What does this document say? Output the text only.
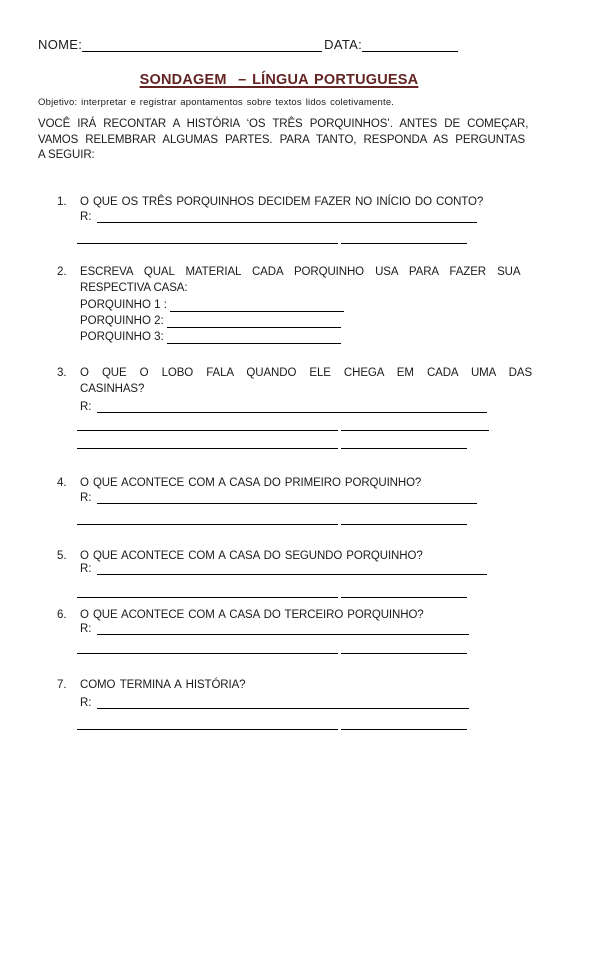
NOME:	DATA:
SONDAGEM  – LÍNGUA PORTUGUESA
Objetivo: interpretar e registrar apontamentos sobre textos lidos coletivamente.
VOCÊ IRÁ RECONTAR A HISTÓRIA ‘OS TRÊS PORQUINHOS’. ANTES DE COMEÇAR,
VAMOS RELEMBRAR ALGUMAS PARTES. PARA TANTO, RESPONDA AS PERGUNTAS
A SEGUIR:
1.	O QUE OS TRÊS PORQUINHOS DECIDEM FAZER NO INÍCIO DO CONTO?
R:
2.	ESCREVA QUAL MATERIAL CADA PORQUINHO USA PARA FAZER SUA
RESPECTIVA CASA:
PORQUINHO 1 :
PORQUINHO 2:
PORQUINHO 3:
3.	O QUE O LOBO FALA QUANDO ELE CHEGA EM CADA UMA DAS
CASINHAS?
R:
4.	O QUE ACONTECE COM A CASA DO PRIMEIRO PORQUINHO?
R:
5.	O QUE ACONTECE COM A CASA DO SEGUNDO PORQUINHO?
R:
6.	O QUE ACONTECE COM A CASA DO TERCEIRO PORQUINHO?
R:
7.	COMO TERMINA A HISTÓRIA?
R:
